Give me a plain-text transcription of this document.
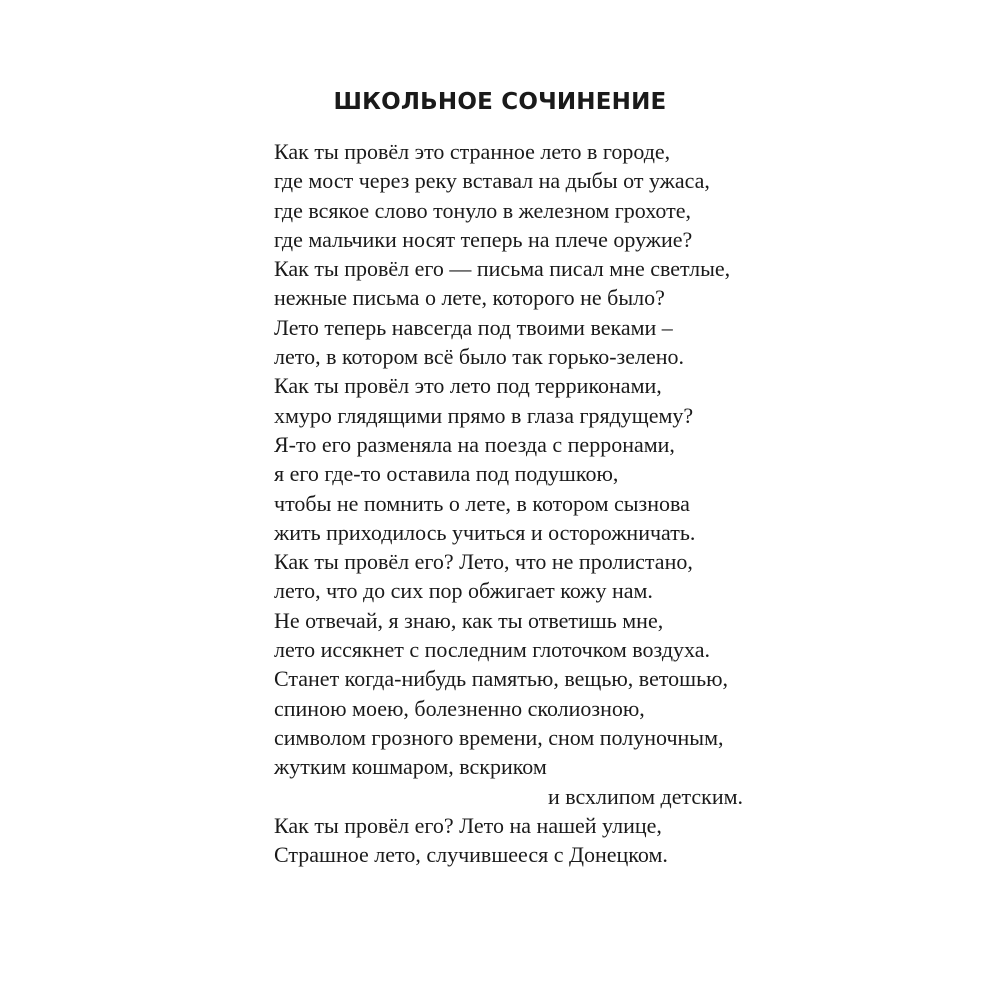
ШКОЛЬНОЕ СОЧИНЕНИЕ
Как ты провёл это странное лето в городе,
где мост через реку вставал на дыбы от ужаса,
где всякое слово тонуло в железном грохоте,
где мальчики носят теперь на плече оружие?
Как ты провёл его — письма писал мне светлые,
нежные письма о лете, которого не было?
Лето теперь навсегда под твоими веками –
лето, в котором всё было так горько-зелено.
Как ты провёл это лето под терриконами,
хмуро глядящими прямо в глаза грядущему?
Я-то его разменяла на поезда с перронами,
я его где-то оставила под подушкою,
чтобы не помнить о лете, в котором сызнова
жить приходилось учиться и осторожничать.
Как ты провёл его? Лето, что не пролистано,
лето, что до сих пор обжигает кожу нам.
Не отвечай, я знаю, как ты ответишь мне,
лето иссякнет с последним глоточком воздуха.
Станет когда-нибудь памятью, вещью, ветошью,
спиною моею, болезненно сколиозною,
символом грозного времени, сном полуночным,
жутким кошмаром, вскриком
и всхлипом детским.
Как ты провёл его? Лето на нашей улице,
Страшное лето, случившееся с Донецком.
